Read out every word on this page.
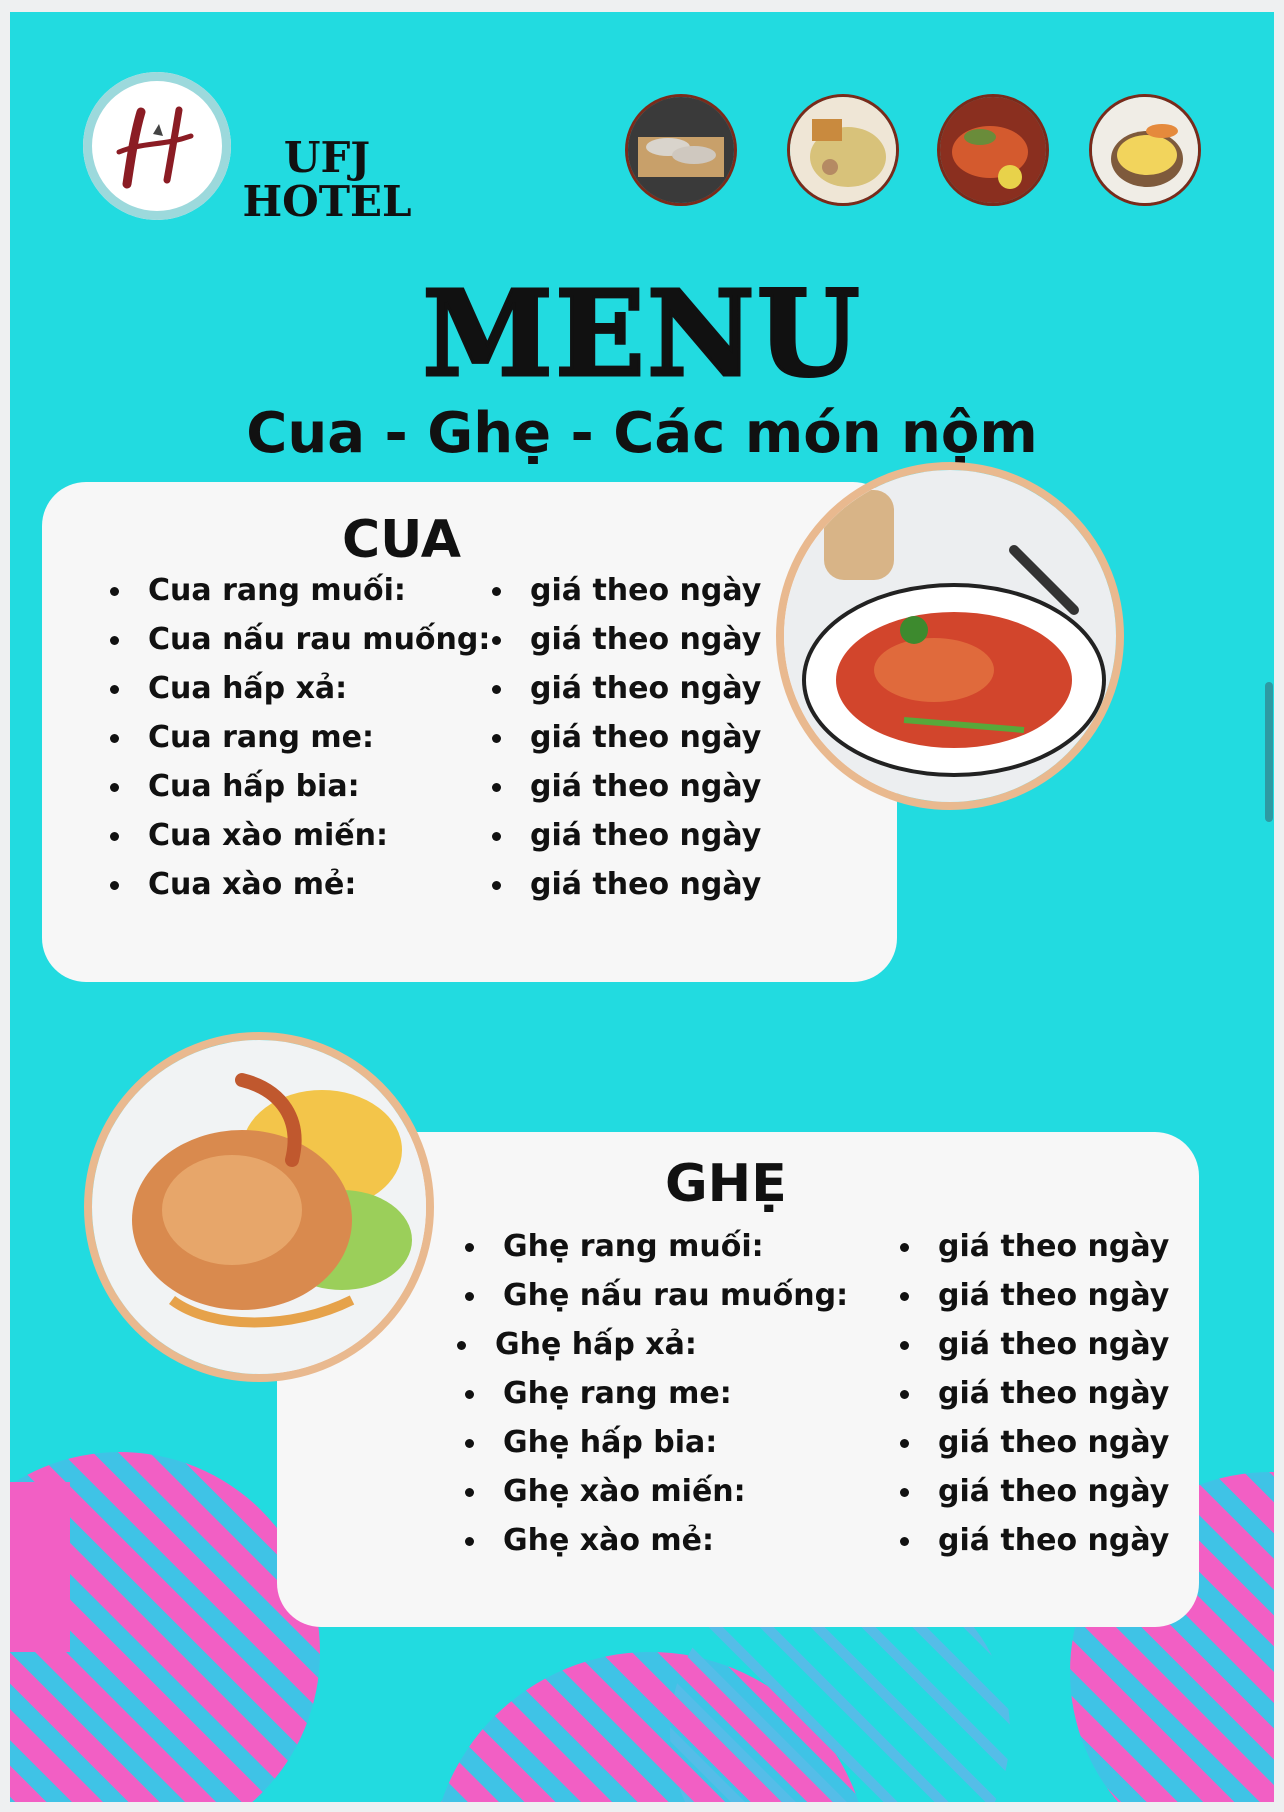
UFJ
HOTEL
MENU
Cua - Ghẹ - Các món nộm
CUA
Cua rang muối:
Cua nấu rau muống:
Cua hấp xả:
Cua rang me:
Cua hấp bia:
Cua xào miến:
Cua xào mẻ:
giá theo ngày
giá theo ngày
giá theo ngày
giá theo ngày
giá theo ngày
giá theo ngày
giá theo ngày
GHẸ
Ghẹ rang muối:
Ghẹ nấu rau muống:
Ghẹ hấp xả:
Ghẹ rang me:
Ghẹ hấp bia:
Ghẹ xào miến:
Ghẹ xào mẻ:
giá theo ngày
giá theo ngày
giá theo ngày
giá theo ngày
giá theo ngày
giá theo ngày
giá theo ngày
